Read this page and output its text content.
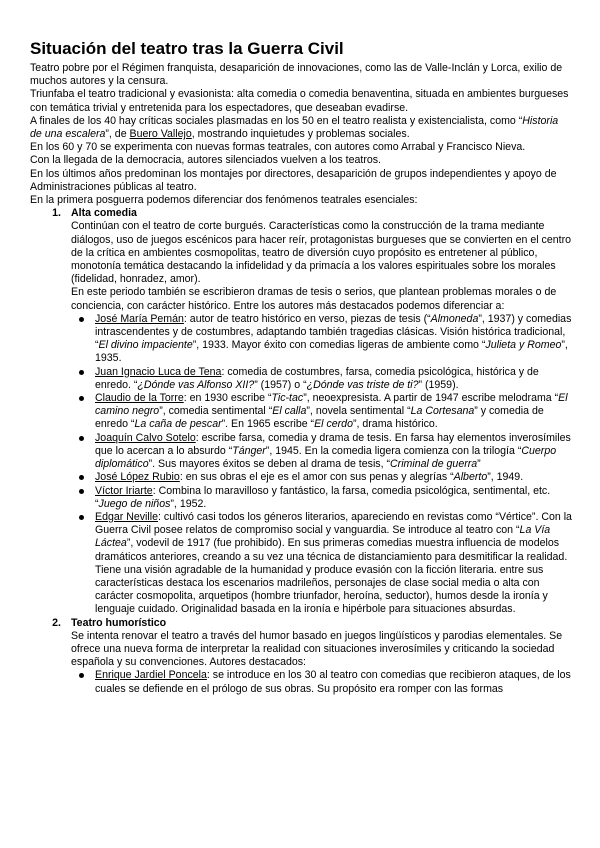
Situación del teatro tras la Guerra Civil

Teatro pobre por el Régimen franquista, desaparición de innovaciones, como las de Valle-Inclán y Lorca, exilio de muchos autores y la censura.

Triunfaba el teatro tradicional y evasionista: alta comedia o comedia benaventina, situada en ambientes burgueses con temática trivial y entretenida para los espectadores, que deseaban evadirse.

A finales de los 40 hay críticas sociales plasmadas en los 50 en el teatro realista y existencialista, como “Historia de una escalera”, de Buero Vallejo, mostrando inquietudes y problemas sociales.

En los 60 y 70 se experimenta con nuevas formas teatrales, con autores como Arrabal y Francisco Nieva.

Con la llegada de la democracia, autores silenciados vuelven a los teatros.

En los últimos años predominan los montajes por directores, desaparición de grupos independientes y apoyo de Administraciones públicas al teatro.

En la primera posguerra podemos diferenciar dos fenómenos teatrales esenciales:

1. Alta comedia

Continúan con el teatro de corte burgués. Características como la construcción de la trama mediante diálogos, uso de juegos escénicos para hacer reír, protagonistas burgueses que se convierten en el centro de la crítica en ambientes cosmopolitas, teatro de diversión cuyo propósito es entretener al público, monotonía temática destacando la infidelidad y da primacía a los valores espirituales sobre los morales (fidelidad, honradez, amor).

En este periodo también se escribieron dramas de tesis o serios, que plantean problemas morales o de conciencia, con carácter histórico. Entre los autores más destacados podemos diferenciar a:

José María Pemán: autor de teatro histórico en verso, piezas de tesis (“Almoneda”, 1937) y comedias intrascendentes y de costumbres, adaptando también tragedias clásicas. Visión histórica tradicional, “El divino impaciente”, 1933. Mayor éxito con comedias ligeras de ambiente como “Julieta y Romeo”, 1935.
Juan Ignacio Luca de Tena: comedia de costumbres, farsa, comedia psicológica, histórica y de enredo. “¿Dónde vas Alfonso XII?” (1957) o “¿Dónde vas triste de ti?” (1959).
Claudio de la Torre: en 1930 escribe “Tic-tac”, neoexpresista. A partir de 1947 escribe melodrama “El camino negro”, comedia sentimental “El calla”, novela sentimental “La Cortesana” y comedia de enredo “La caña de pescar”. En 1965 escribe “El cerdo”, drama histórico.
Joaquín Calvo Sotelo: escribe farsa, comedia y drama de tesis. En farsa hay elementos inverosímiles que lo acercan a lo absurdo “Tánger”, 1945. En la comedia ligera comienza con la trilogía “Cuerpo diplomático”. Sus mayores éxitos se deben al drama de tesis, “Criminal de guerra”
José López Rubio: en sus obras el eje es el amor con sus penas y alegrías “Alberto”, 1949.
Víctor Iriarte: Combina lo maravilloso y fantástico, la farsa, comedia psicológica, sentimental, etc. “Juego de niños”, 1952.
Edgar Neville: cultivó casi todos los géneros literarios, apareciendo en revistas como “Vértice”. Con la Guerra Civil posee relatos de compromiso social y vanguardia. Se introduce al teatro con “La Vía Láctea”, vodevil de 1917 (fue prohibido). En sus primeras comedias muestra influencia de modelos dramáticos anteriores, creando a su vez una técnica de distanciamiento para desmitificar la realidad. Tiene una visión agradable de la humanidad y produce evasión con la ficción literaria. entre sus características destaca los escenarios madrileños, personajes de clase social media o alta con carácter cosmopolita, arquetipos (hombre triunfador, heroína, seductor), humos desde la ironía y lenguaje cuidado. Originalidad basada en la ironía e hipérbole para situaciones absurdas.
2. Teatro humorístico

Se intenta renovar el teatro a través del humor basado en juegos lingüísticos y parodias elementales. Se ofrece una nueva forma de interpretar la realidad con situaciones inverosímiles y criticando la sociedad española y su convenciones. Autores destacados:

Enrique Jardiel Poncela: se introduce en los 30 al teatro con comedias que recibieron ataques, de los cuales se defiende en el prólogo de sus obras. Su propósito era romper con las formas
